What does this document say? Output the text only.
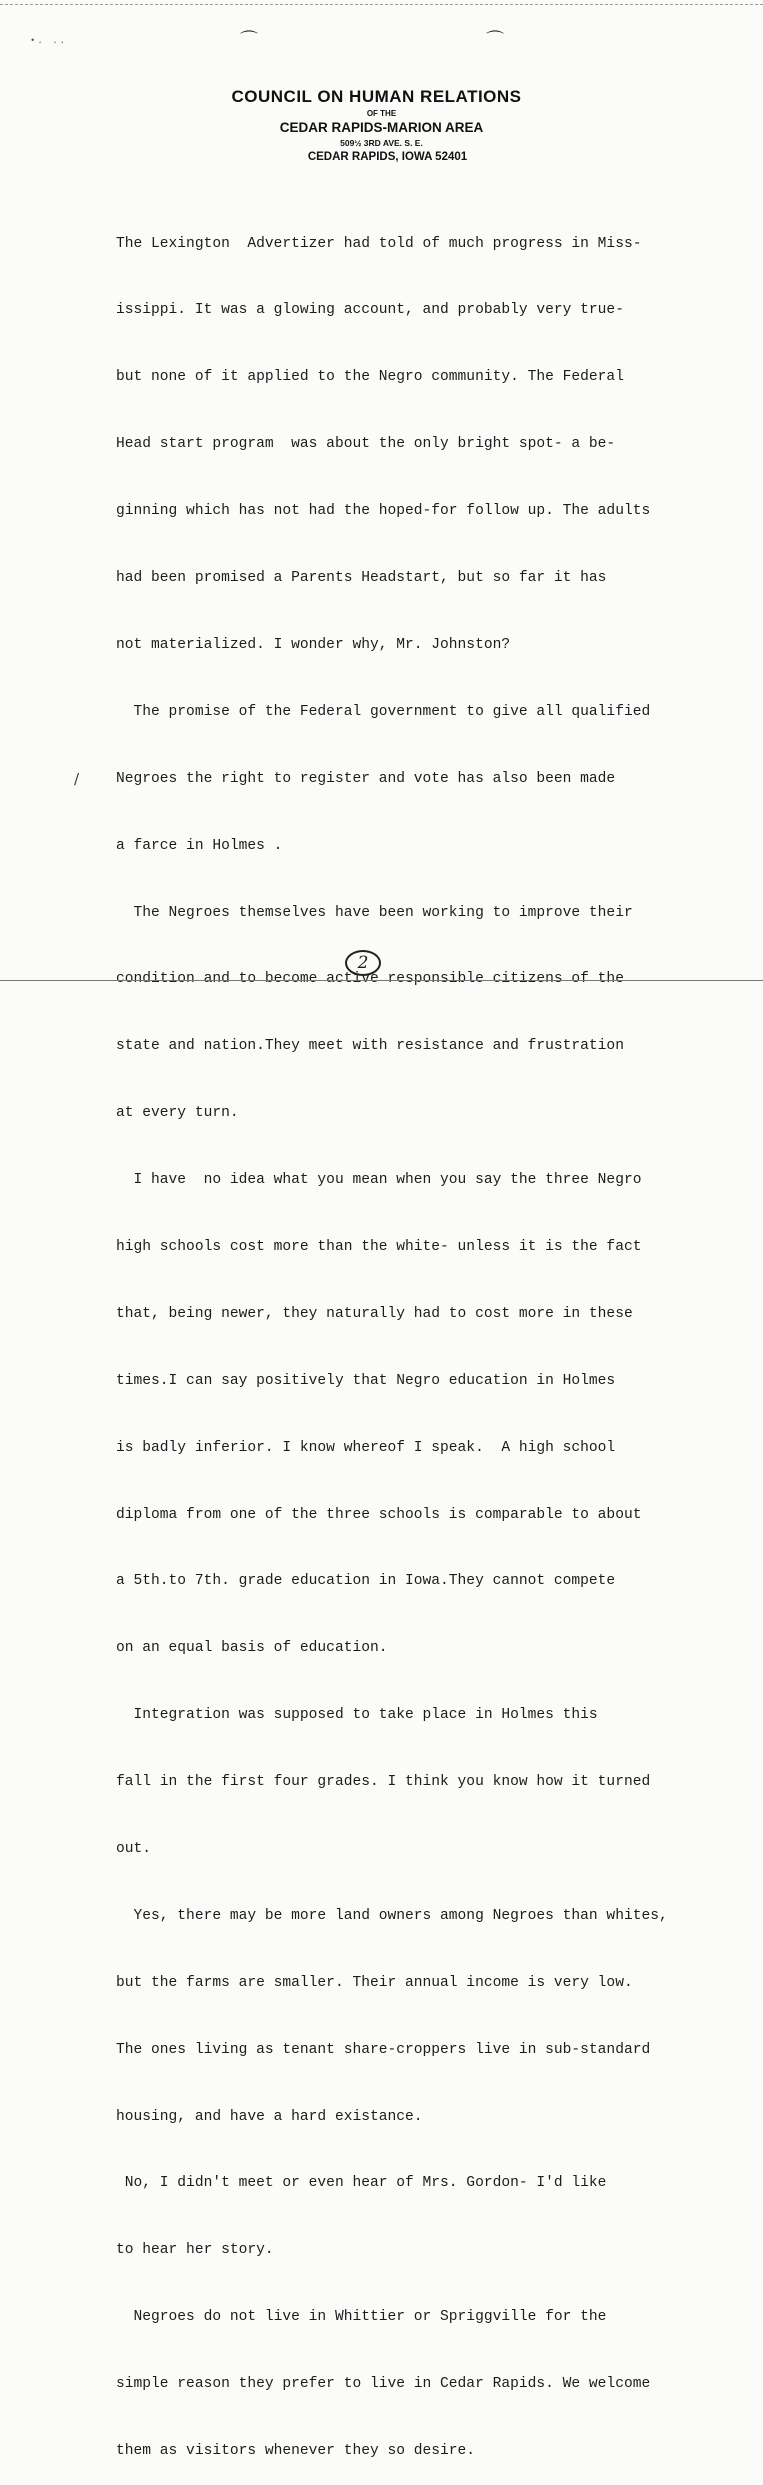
•. ..	⌒	⌒
COUNCIL ON HUMAN RELATIONS
OF THE
CEDAR RAPIDS-MARION AREA
509½ 3RD AVE. S. E.
CEDAR RAPIDS, IOWA 52401

The Lexington  Advertizer had told of much progress in Miss-

issippi. It was a glowing account, and probably very true-

but none of it applied to the Negro community. The Federal

Head start program  was about the only bright spot- a be-

ginning which has not had the hoped-for follow up. The adults

had been promised a Parents Headstart, but so far it has

not materialized. I wonder why, Mr. Johnston?

The promise of the Federal government to give all qualified

Negroes the right to register and vote has also been made

a farce in Holmes .

The Negroes themselves have been working to improve their

condition and to become active responsible citizens of the

state and nation.They meet with resistance and frustration

at every turn.

I have  no idea what you mean when you say the three Negro

high schools cost more than the white- unless it is the fact

that, being newer, they naturally had to cost more in these

times.I can say positively that Negro education in Holmes

is badly inferior. I know whereof I speak.  A high school

diploma from one of the three schools is comparable to about

a 5th.to 7th. grade education in Iowa.They cannot compete

on an equal basis of education.

Integration was supposed to take place in Holmes this

fall in the first four grades. I think you know how it turned

out.

Yes, there may be more land owners among Negroes than whites,

but the farms are smaller. Their annual income is very low.

The ones living as tenant share-croppers live in sub-standard

housing, and have a hard existance.

No, I didn't meet or even hear of Mrs. Gordon- I'd like

to hear her story.

Negroes do not live in Whittier or Spriggville for the

simple reason they prefer to live in Cedar Rapids. We welcome

them as visitors whenever they so desire.

/
2
